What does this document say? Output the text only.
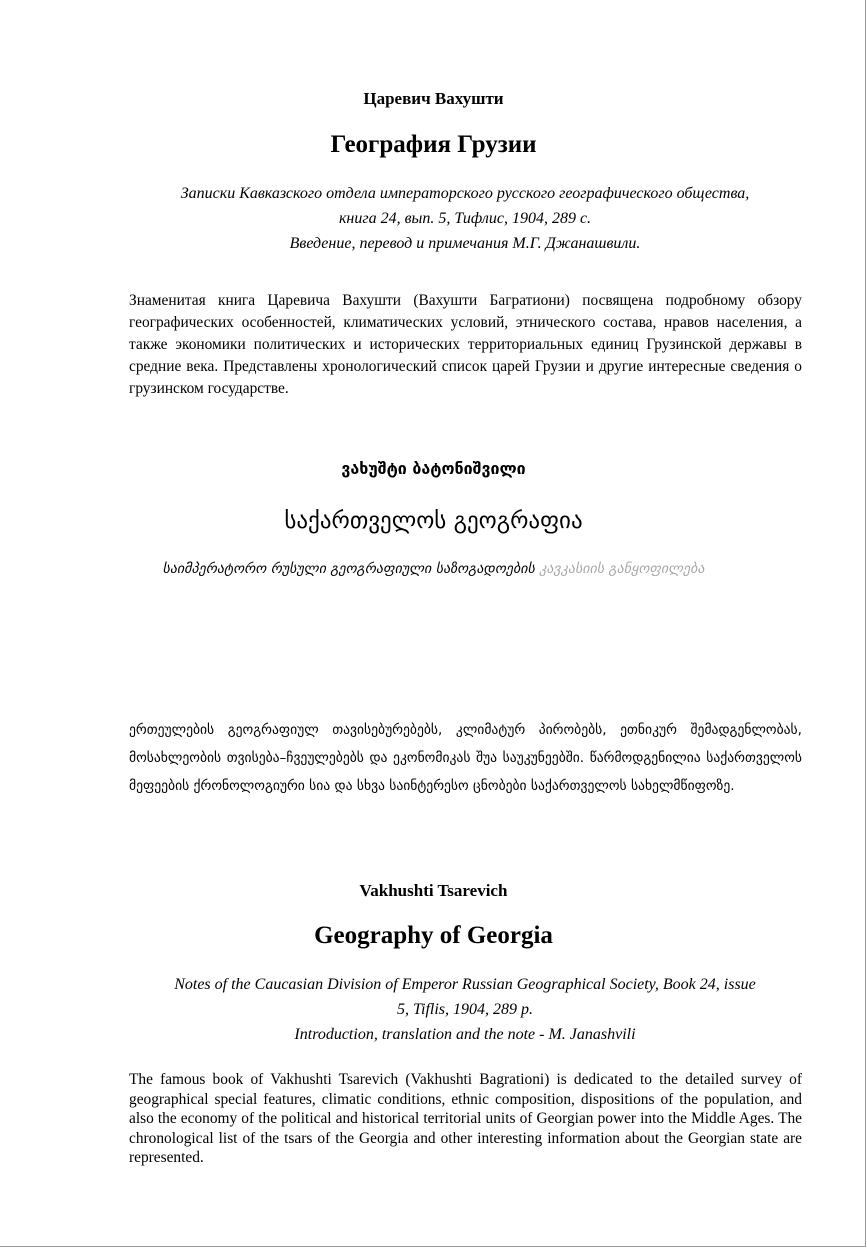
Царевич Вахушти
География Грузии
Записки Кавказского отдела императорского русского географического общества,
книга 24, вып. 5, Тифлис, 1904, 289 с.
Введение, перевод и примечания М.Г. Джанашвили.
Знаменитая книга Царевича Вахушти (Вахушти Багратиони) посвящена подробному обзору географических особенностей, климатических условий, этнического состава, нравов населения, а также экономики политических и исторических территориальных единиц Грузинской державы в средние века. Представлены хронологический список царей Грузии и другие интересные сведения о грузинском государстве.
ვახუშტი ბატონიშვილი
საქართველოს გეოგრაფია
საიმპერატორო რუსული გეოგრაფიული საზოგადოების კავკასიის განყოფილება
ერთეულების გეოგრაფიულ თავისებურებებს, კლიმატურ პირობებს, ეთნიკურ შემადგენლობას, მოსახლეობის თვისება–ჩვეულებებს და ეკონომიკას შუა საუკუნეებში. წარმოდგენილია საქართველოს მეფეების ქრონოლოგიური სია და სხვა საინტერესო ცნობები საქართველოს სახელმწიფოზე.
Vakhushti Tsarevich
Geography of Georgia
Notes of the Caucasian Division of Emperor Russian Geographical Society, Book 24, issue
5, Tiflis, 1904, 289 p.
Introduction, translation and the note - M. Janashvili
The famous book of Vakhushti Tsarevich (Vakhushti Bagrationi) is dedicated to the detailed survey of geographical special features, climatic conditions, ethnic composition, dispositions of the population, and also the economy of the political and historical territorial units of Georgian power into the Middle Ages. The chronological list of the tsars of the Georgia and other interesting information about the Georgian state are represented.
